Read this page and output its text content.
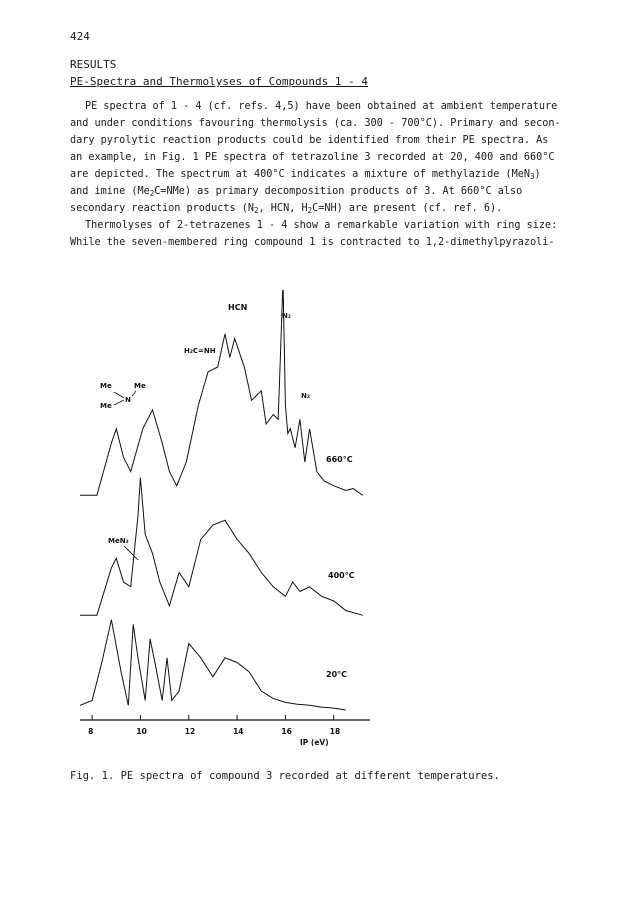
424
RESULTS
PE-Spectra and Thermolyses of Compounds 1 - 4
PE spectra of 1 - 4 (cf. refs. 4,5) have been obtained at ambient temperature
and under conditions favouring thermolysis (ca. 300 - 700°C). Primary and secon-
dary pyrolytic reaction products could be identified from their PE spectra. As
an example, in Fig. 1 PE spectra of tetrazoline 3 recorded at 20, 400 and 660°C
are depicted. The spectrum at 400°C indicates a mixture of methylazide (MeN$_3$)
and imine $(Me_2C=NMe)$ as primary decomposition products of 3. At 660°C also
secondary reaction products ($N_2$, HCN, $H_2C=NH$) are present (cf. ref. 6).
Thermolyses of 2-tetrazenes 1 - 4 show a remarkable variation with ring size:
While the seven-membered ring compound 1 is contracted to 1,2-dimethylpyrazoli-
8	10	12	14	16	18
HCN
N₂
H₂C=NH
Me	Me
Me
N	N₂
MeN₃
660°C
400°C
20°C
IP (eV)
Fig. 1. PE spectra of compound 3 recorded at different temperatures.
